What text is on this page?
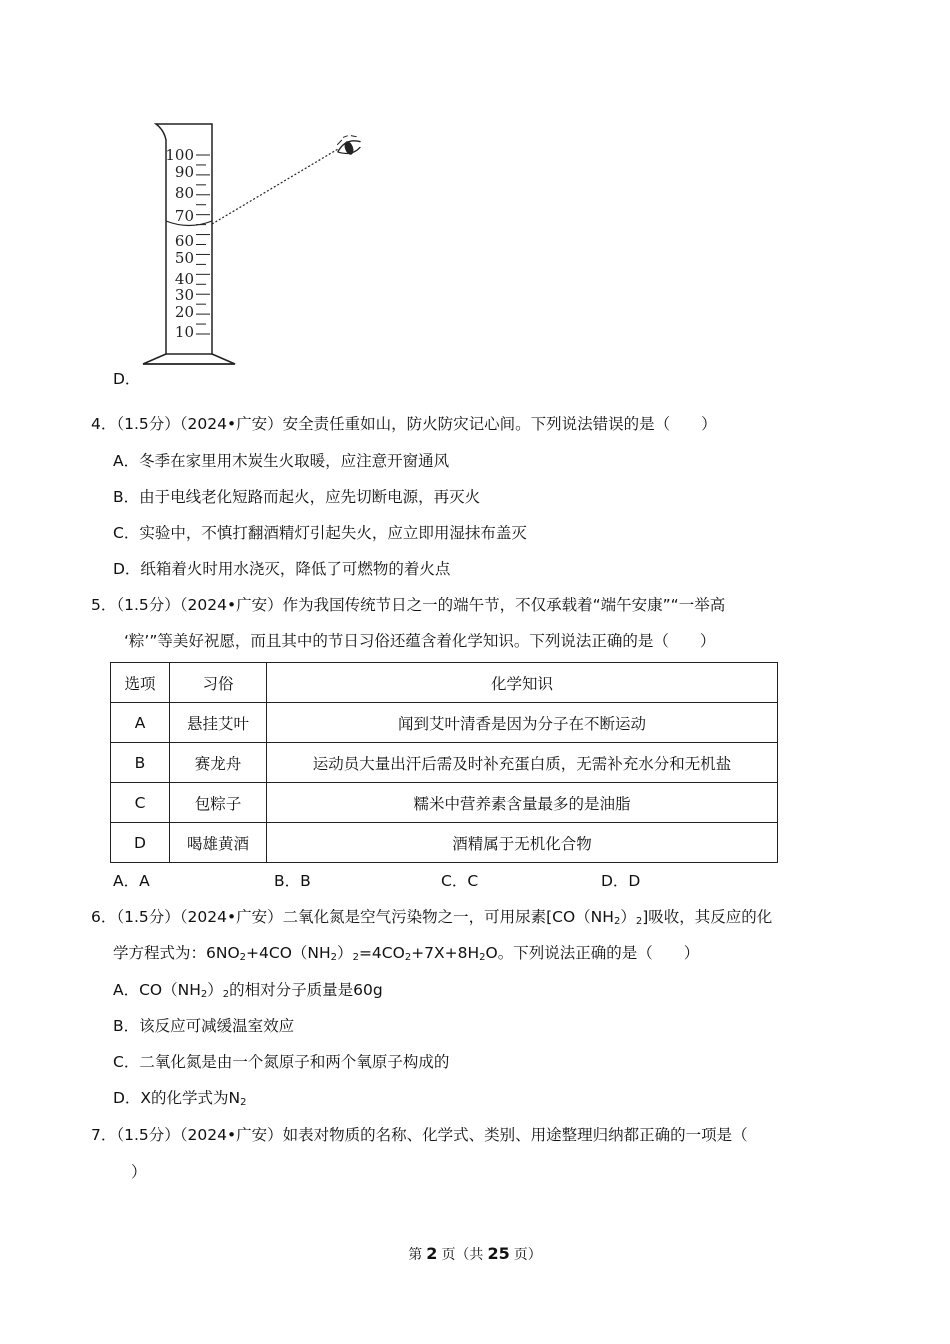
100
90
80
70
60
50
40
30
20
10
D．
4．（1.5分）（2024•广安）安全责任重如山，防火防灾记心间。下列说法错误的是（　　）
A．冬季在家里用木炭生火取暖，应注意开窗通风
B．由于电线老化短路而起火，应先切断电源，再灭火
C．实验中，不慎打翻酒精灯引起失火，应立即用湿抹布盖灭
D．纸箱着火时用水浇灭，降低了可燃物的着火点
5．（1.5分）（2024•广安）作为我国传统节日之一的端午节，不仅承载着“端午安康”“一举高
‘粽’”等美好祝愿，而且其中的节日习俗还蕴含着化学知识。下列说法正确的是（　　）
选项	习俗	化学知识
A	悬挂艾叶	闻到艾叶清香是因为分子在不断运动
B	赛龙舟	运动员大量出汗后需及时补充蛋白质，无需补充水分和无机盐
C	包粽子	糯米中营养素含量最多的是油脂
D	喝雄黄酒	酒精属于无机化合物
A．A	B．B	C．C	D．D
6．（1.5分）（2024•广安）二氧化氮是空气污染物之一，可用尿素$[CO(NH_2)_2]$吸收，其反应的化
学方程式为：$6NO_2+4CO(NH_2)_2=4CO_2+7X+8H_2O$。下列说法正确的是（　　）
A．$CO(NH_2)_2$的相对分子质量是60g
B．该反应可减缓温室效应
C．二氧化氮是由一个氮原子和两个氧原子构成的
D．X的化学式为$N_2$
7．（1.5分）（2024•广安）如表对物质的名称、化学式、类别、用途整理归纳都正确的一项是（
）
第 2 页（共 25 页）
